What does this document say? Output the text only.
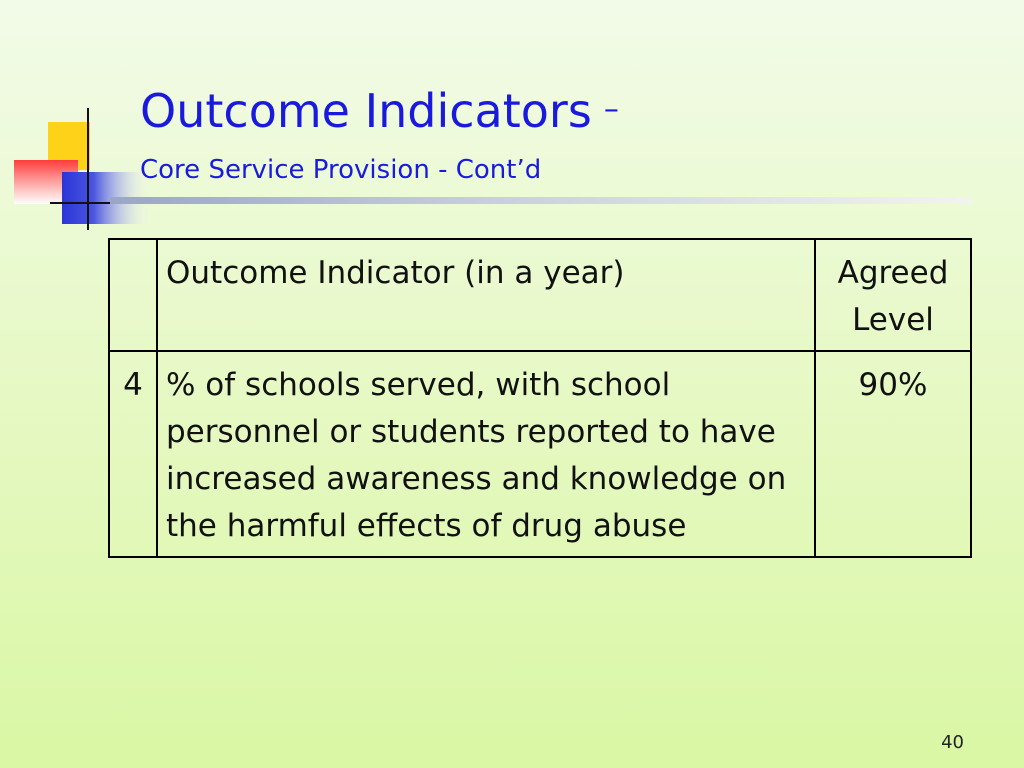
Outcome Indicators –
Core Service Provision - Cont’d
	Outcome Indicator (in a year)	Agreed Level
4	% of schools served, with school personnel or students reported to have increased awareness and knowledge on the harmful effects of drug abuse	90%
40
